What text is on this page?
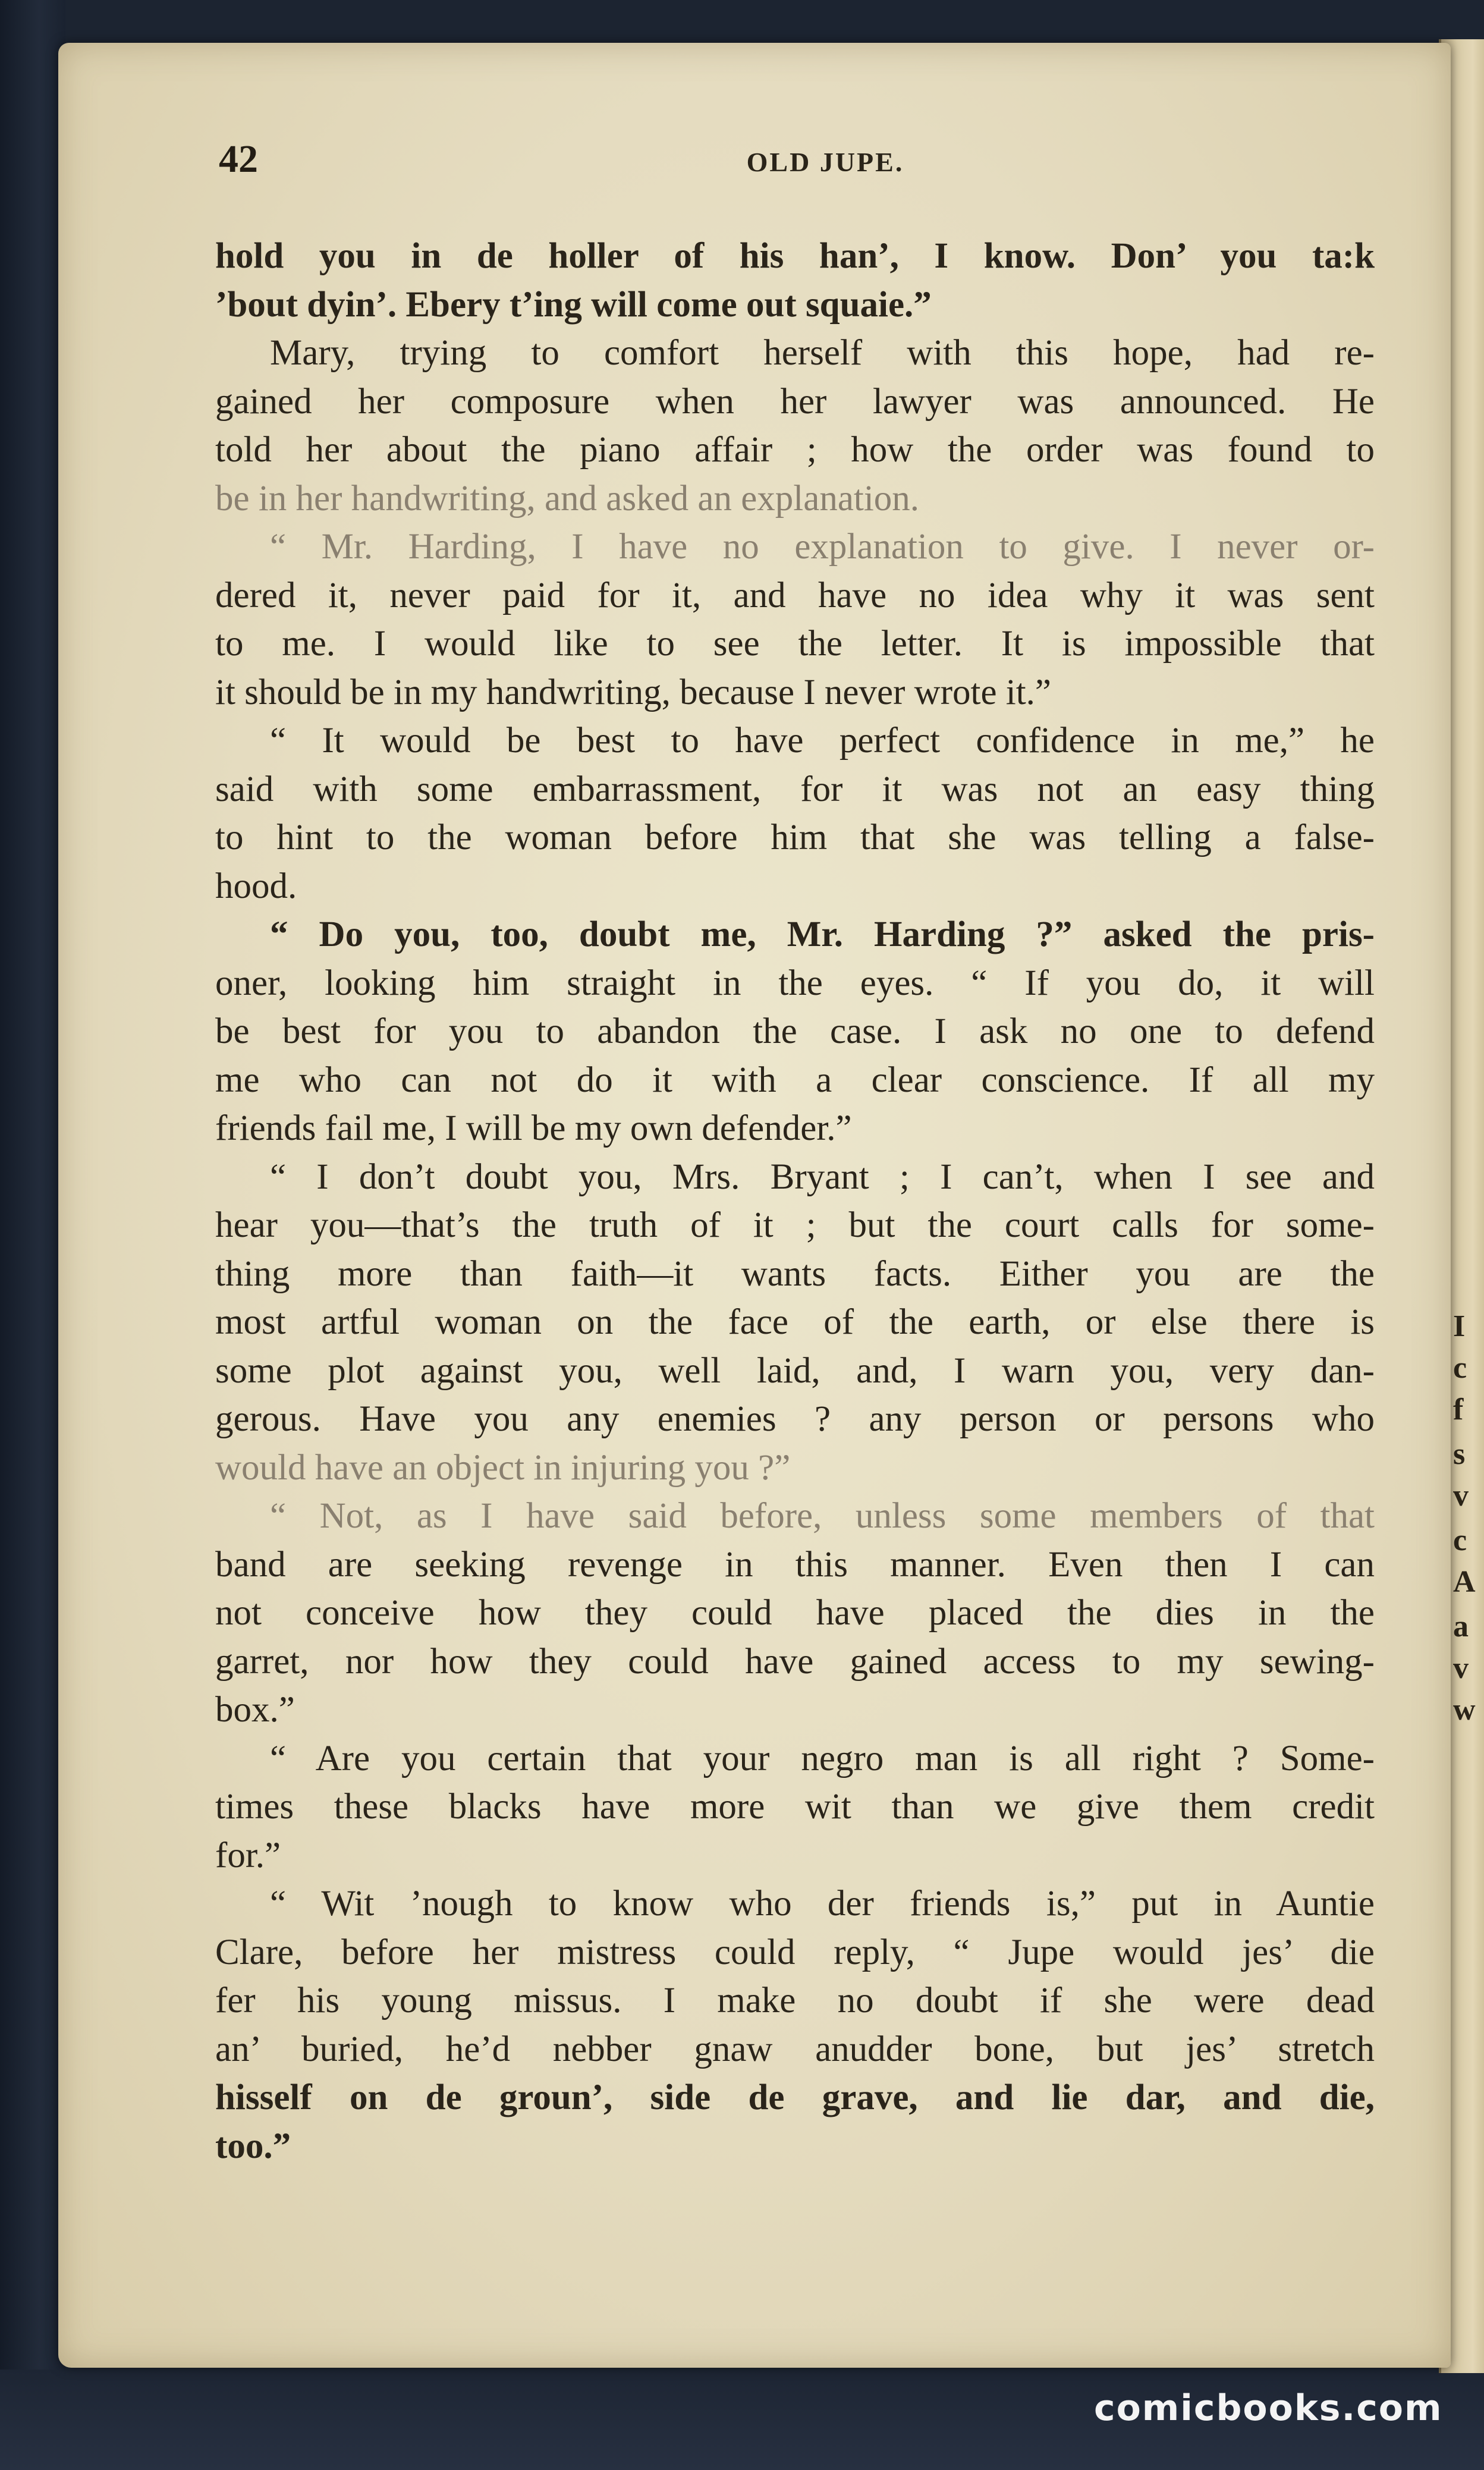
I
c
f
s
v
c
A
a
v
w
42	OLD JUPE.
hold you in de holler of his han’, I know. Don’ you ta:k
’bout dyin’. Ebery t’ing will come out squaie.”
Mary, trying to comfort herself with this hope, had re-
gained her composure when her lawyer was announced. He
told her about the piano affair ; how the order was found to
be in her handwriting, and asked an explanation.
“ Mr. Harding, I have no explanation to give. I never or-
dered it, never paid for it, and have no idea why it was sent
to me. I would like to see the letter. It is impossible that
it should be in my handwriting, because I never wrote it.”
“ It would be best to have perfect confidence in me,” he
said with some embarrassment, for it was not an easy thing
to hint to the woman before him that she was telling a false-
hood.
“ Do you, too, doubt me, Mr. Harding ?” asked the pris-
oner, looking him straight in the eyes. “ If you do, it will
be best for you to abandon the case. I ask no one to defend
me who can not do it with a clear conscience. If all my
friends fail me, I will be my own defender.”
“ I don’t doubt you, Mrs. Bryant ; I can’t, when I see and
hear you—that’s the truth of it ; but the court calls for some-
thing more than faith—it wants facts. Either you are the
most artful woman on the face of the earth, or else there is
some plot against you, well laid, and, I warn you, very dan-
gerous. Have you any enemies ? any person or persons who
would have an object in injuring you ?”
“ Not, as I have said before, unless some members of that
band are seeking revenge in this manner. Even then I can
not conceive how they could have placed the dies in the
garret, nor how they could have gained access to my sewing-
box.”
“ Are you certain that your negro man is all right ? Some-
times these blacks have more wit than we give them credit
for.”
“ Wit ’nough to know who der friends is,” put in Auntie
Clare, before her mistress could reply, “ Jupe would jes’ die
fer his young missus. I make no doubt if she were dead
an’ buried, he’d nebber gnaw anudder bone, but jes’ stretch
hisself on de groun’, side de grave, and lie dar, and die,
too.”
comicbooks.com
